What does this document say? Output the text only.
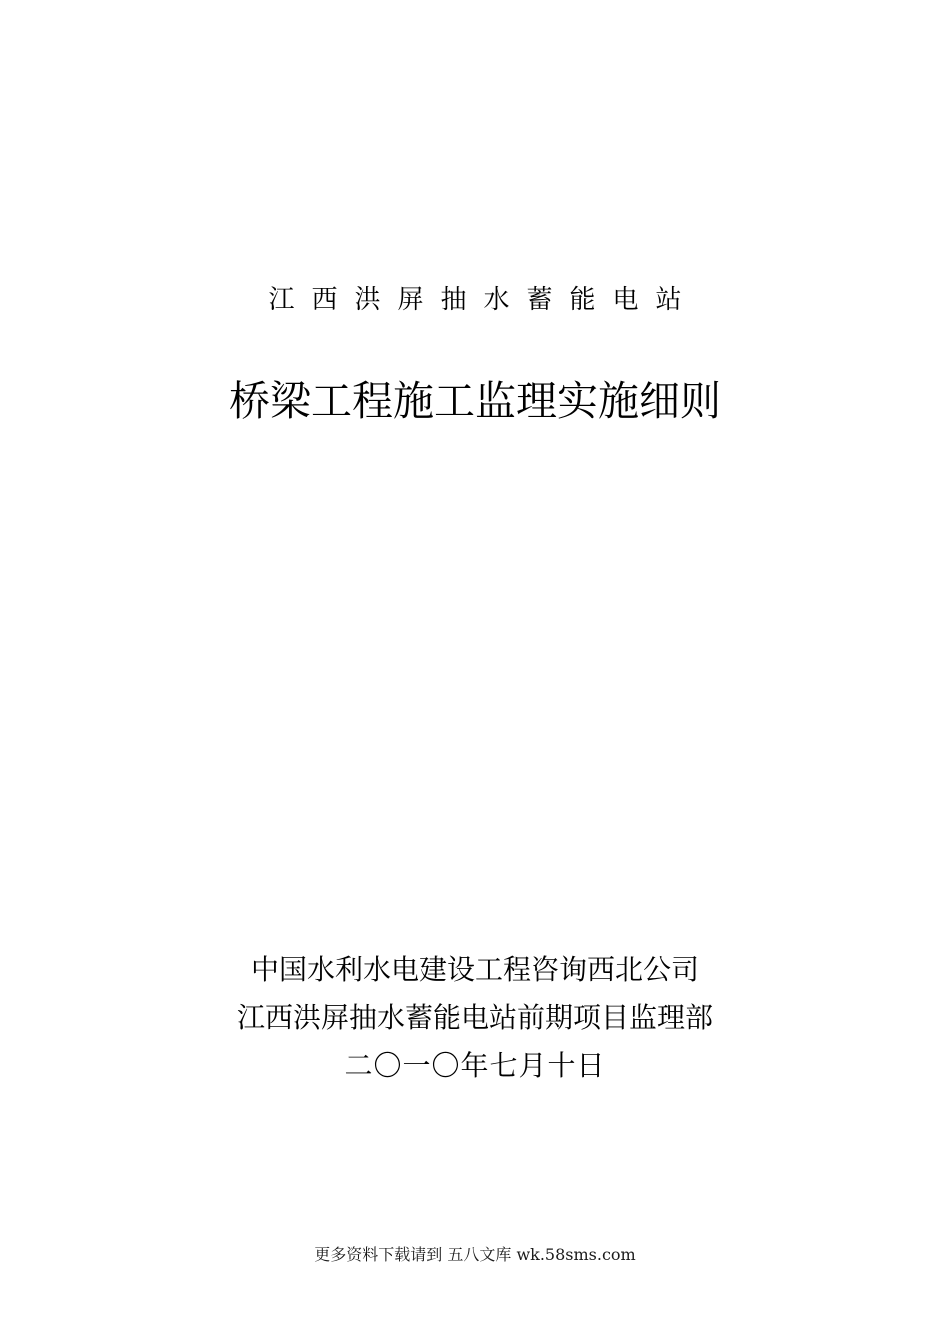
江西洪屏抽水蓄能电站
桥梁工程施工监理实施细则
中国水利水电建设工程咨询西北公司
江西洪屏抽水蓄能电站前期项目监理部
二〇一〇年七月十日
更多资料下载请到 五八文库 wk.58sms.com
